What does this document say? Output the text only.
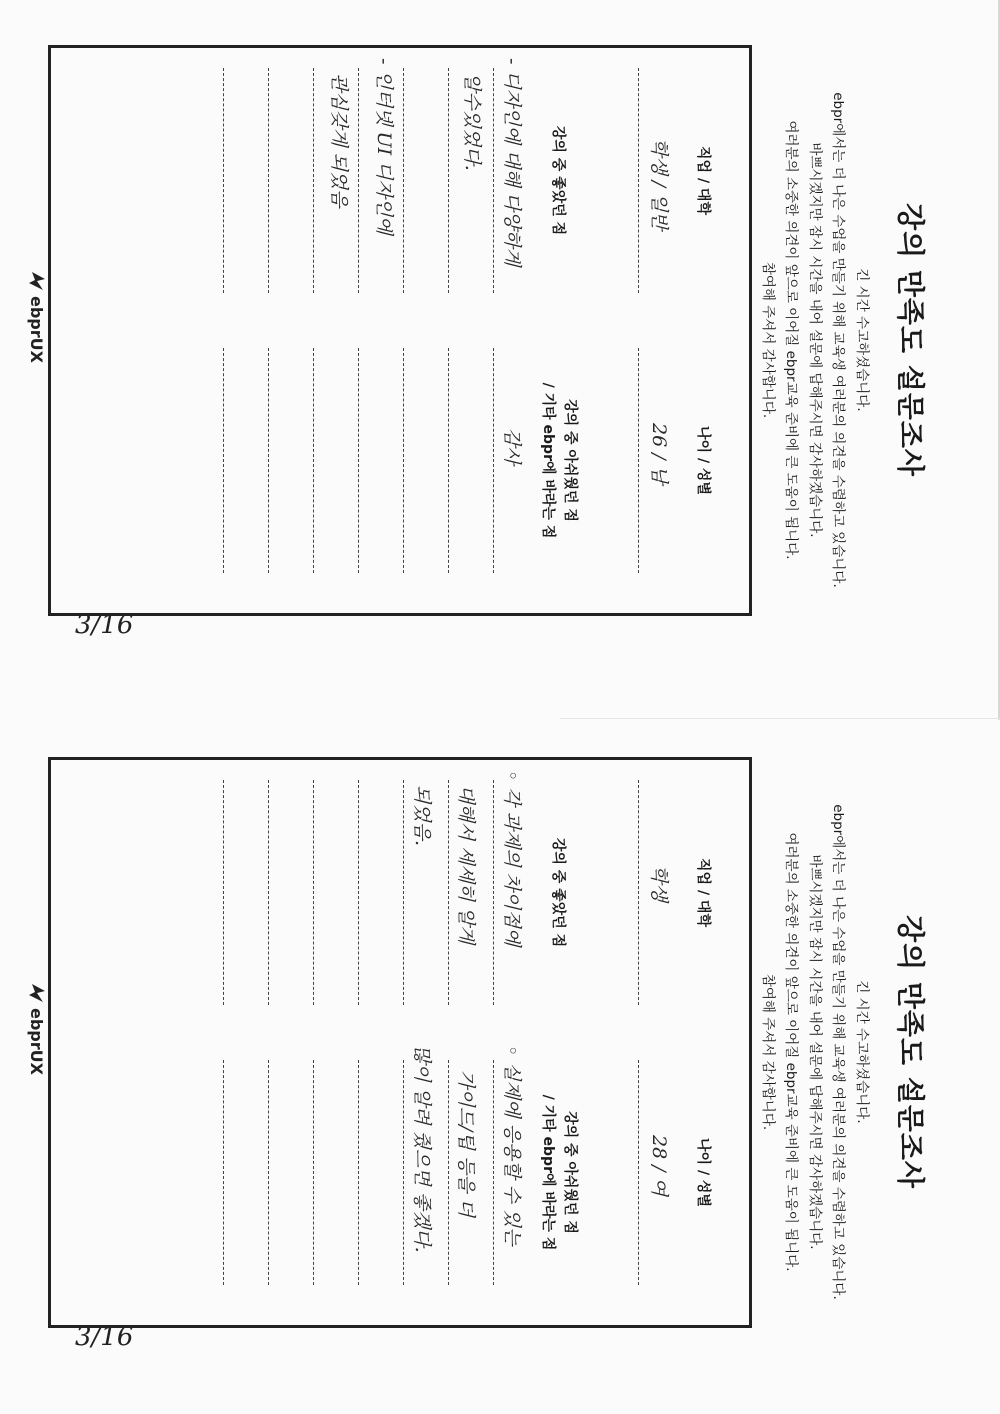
강의 만족도 설문조사
긴 시간 수고하셨습니다.
ebpr에서는 더 나은 수업을 만들기 위해 교육생 여러분의 의견을 수렴하고 있습니다.
바쁘시겠지만 잠시 시간을 내어 설문에 답해주시면 감사하겠습니다.
여러분의 소중한 의견이 앞으로 이어질 ebpr교육 준비에 큰 도움이 됩니다.
참여해 주셔서 감사합니다.
직업 / 대학
나이 / 성별
학생 / 일반
26 / 남
강의 중 좋았던 점
강의 중 아쉬웠던 점
/ 기타 ebpr에 바라는 점
- 디자인에 대해 다양하게
알수있었다.
- 인터넷 UI 디자인에
관심갖게 되었음
감사
ebprUX
3/16
강의 만족도 설문조사
긴 시간 수고하셨습니다.
ebpr에서는 더 나은 수업을 만들기 위해 교육생 여러분의 의견을 수렴하고 있습니다.
바쁘시겠지만 잠시 시간을 내어 설문에 답해주시면 감사하겠습니다.
여러분의 소중한 의견이 앞으로 이어질 ebpr교육 준비에 큰 도움이 됩니다.
참여해 주셔서 감사합니다.
직업 / 대학
나이 / 성별
학생
28 / 여
강의 중 좋았던 점
강의 중 아쉬웠던 점
/ 기타 ebpr에 바라는 점
◦ 각 과제의 차이점에
대해서 세세히 알게
되었음.
◦ 실제에 응용할 수 있는
가이드/팁 등을 더
많이 알려 줬으면 좋겠다.
ebprUX
3/16
